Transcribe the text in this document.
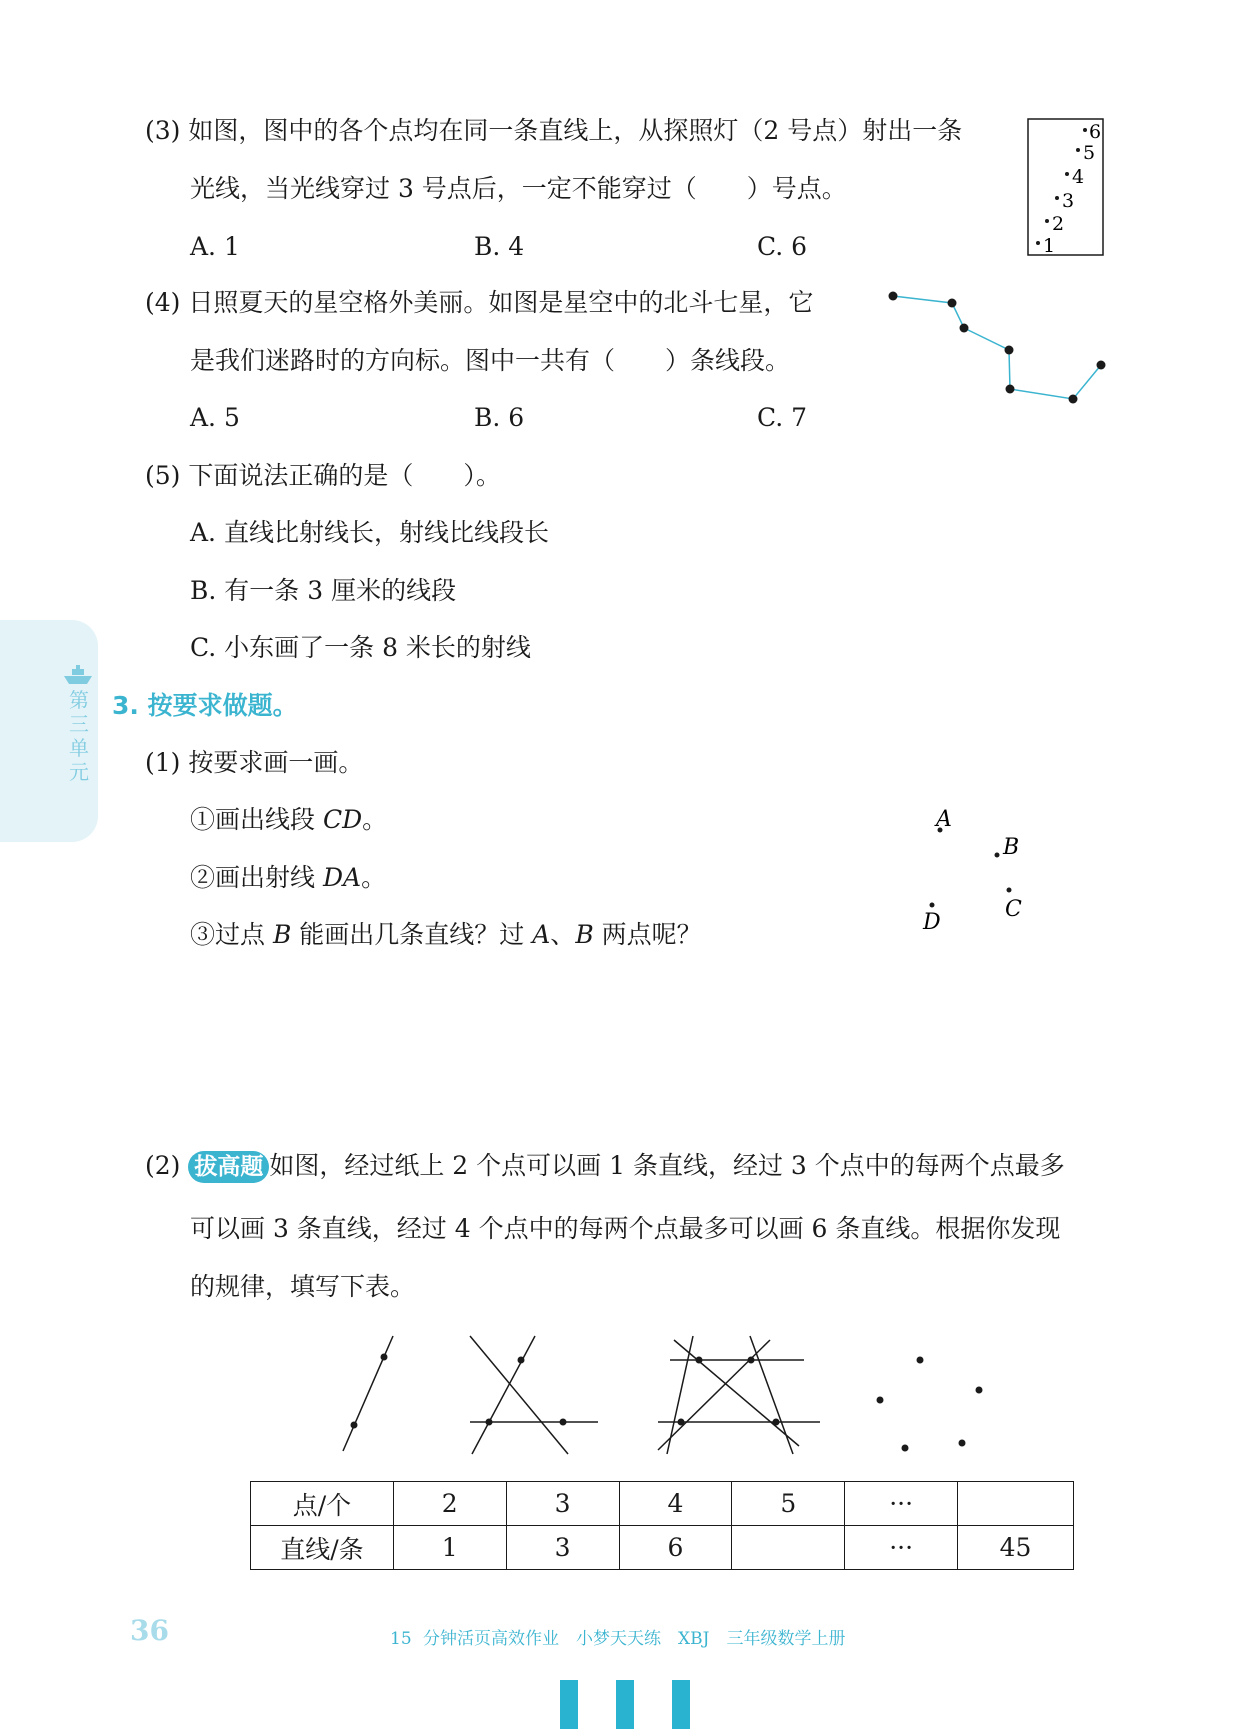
(3) 如图，图中的各个点均在同一条直线上，从探照灯（2 号点）射出一条
光线，当光线穿过 3 号点后，一定不能穿过（　　）号点。
A. 1	B. 4	C. 6	1
2
3
4
5
6
(4) 日照夏天的星空格外美丽。如图是星空中的北斗七星，它
是我们迷路时的方向标。图中一共有（　　）条线段。
A. 5	B. 6	C. 7
(5) 下面说法正确的是（　　）。
A. 直线比射线长，射线比线段长
B. 有一条 3 厘米的线段
C. 小东画了一条 8 米长的射线
第三单元
3. 按要求做题。
(1) 按要求画一画。
①画出线段 CD。
②画出射线 DA。
③过点 B 能画出几条直线？过 A、B 两点呢？
A
B
C
D
(2) 拔高题 如图，经过纸上 2 个点可以画 1 条直线，经过 3 个点中的每两个点最多
可以画 3 条直线，经过 4 个点中的每两个点最多可以画 6 条直线。根据你发现
的规律，填写下表。
点/个	2	3	4	5	···	
直线/条	1	3	6		···	45
36	15 分钟活页高效作业　小梦天天练　XBJ　三年级数学上册
